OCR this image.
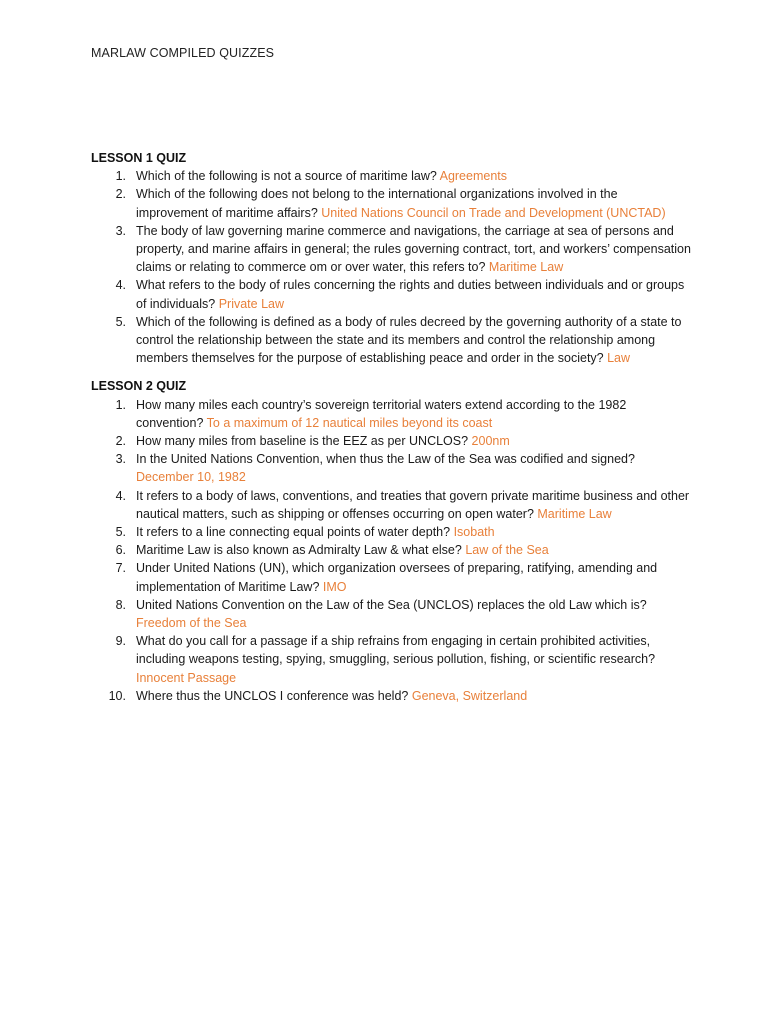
MARLAW COMPILED QUIZZES
LESSON 1 QUIZ
1. Which of the following is not a source of maritime law? Agreements
2. Which of the following does not belong to the international organizations involved in the improvement of maritime affairs? United Nations Council on Trade and Development (UNCTAD)
3. The body of law governing marine commerce and navigations, the carriage at sea of persons and property, and marine affairs in general; the rules governing contract, tort, and workers’ compensation claims or relating to commerce om or over water, this refers to? Maritime Law
4. What refers to the body of rules concerning the rights and duties between individuals and or groups of individuals? Private Law
5. Which of the following is defined as a body of rules decreed by the governing authority of a state to control the relationship between the state and its members and control the relationship among members themselves for the purpose of establishing peace and order in the society? Law
LESSON 2 QUIZ
1. How many miles each country’s sovereign territorial waters extend according to the 1982 convention? To a maximum of 12 nautical miles beyond its coast
2. How many miles from baseline is the EEZ as per UNCLOS? 200nm
3. In the United Nations Convention, when thus the Law of the Sea was codified and signed? December 10, 1982
4. It refers to a body of laws, conventions, and treaties that govern private maritime business and other nautical matters, such as shipping or offenses occurring on open water? Maritime Law
5. It refers to a line connecting equal points of water depth? Isobath
6. Maritime Law is also known as Admiralty Law & what else? Law of the Sea
7. Under United Nations (UN), which organization oversees of preparing, ratifying, amending and implementation of Maritime Law? IMO
8. United Nations Convention on the Law of the Sea (UNCLOS) replaces the old Law which is? Freedom of the Sea
9. What do you call for a passage if a ship refrains from engaging in certain prohibited activities, including weapons testing, spying, smuggling, serious pollution, fishing, or scientific research? Innocent Passage
10. Where thus the UNCLOS I conference was held? Geneva, Switzerland
